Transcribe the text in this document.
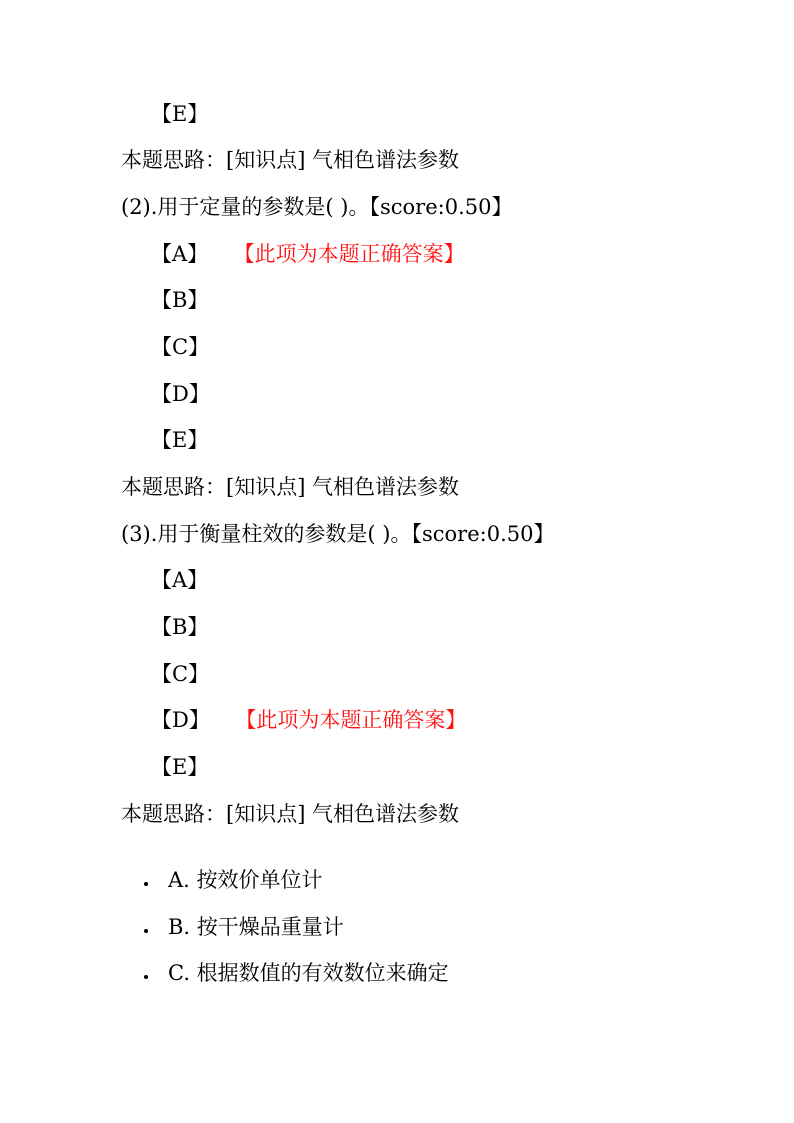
【E】
本题思路：[知识点] 气相色谱法参数
(2).用于定量的参数是( )。【score:0.50】
【A】 【此项为本题正确答案】
【B】
【C】
【D】
【E】
本题思路：[知识点] 气相色谱法参数
(3).用于衡量柱效的参数是( )。【score:0.50】
【A】
【B】
【C】
【D】 【此项为本题正确答案】
【E】
本题思路：[知识点] 气相色谱法参数
A. 按效价单位计
B. 按干燥品重量计
C. 根据数值的有效数位来确定
